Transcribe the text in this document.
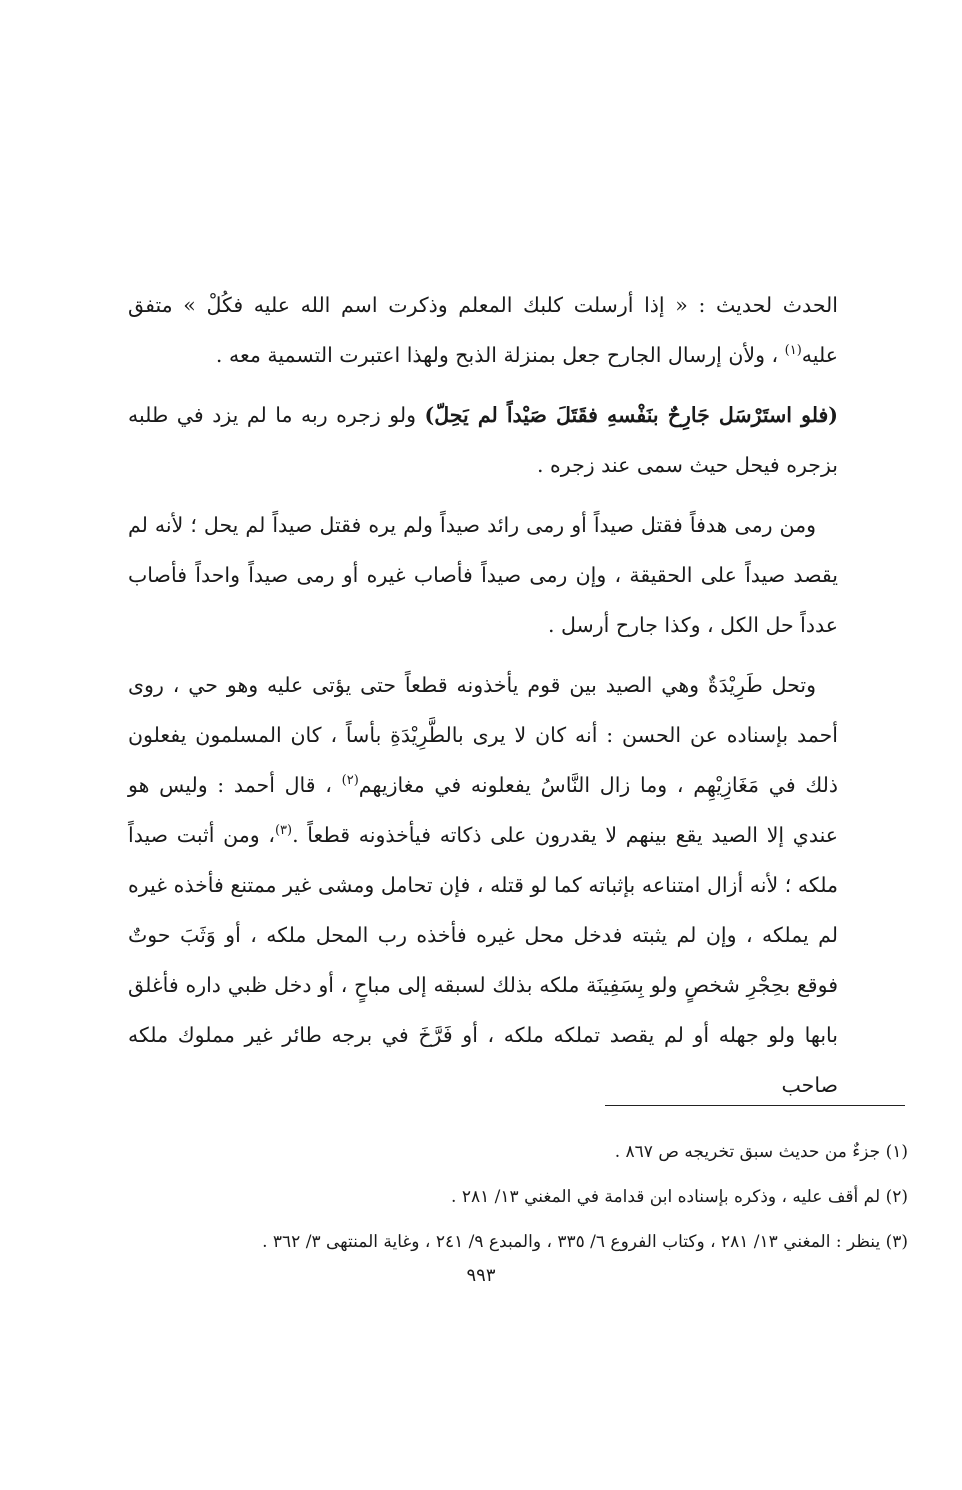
الحدث لحديث : « إذا أرسلت كلبك المعلم وذكرت اسم الله عليه فكُلْ » متفق عليه$^{(١)}$ ، ولأن إرسال الجارح جعل بمنزلة الذبح ولهذا اعتبرت التسمية معه .

(فلو استَرْسَل جَارِحٌ بنَفْسهِ فقَتَلَ صَيْداً لم يَحِلّ) ولو زجره ربه ما لم يزد في طلبه بزجره فيحل حيث سمى عند زجره .

ومن رمى هدفاً فقتل صيداً أو رمى رائد صيداً ولم يره فقتل صيداً لم يحل ؛ لأنه لم يقصد صيداً على الحقيقة ، وإن رمى صيداً فأصاب غيره أو رمى صيداً واحداً فأصاب عدداً حل الكل ، وكذا جارح أرسل .

وتحل طَرِيْدَةٌ وهي الصيد بين قوم يأخذونه قطعاً حتى يؤتى عليه وهو حي ، روى أحمد بإسناده عن الحسن : أنه كان لا يرى بالطَّرِيْدَةِ بأساً ، كان المسلمون يفعلون ذلك في مَغَازِيْهِم ، وما زال النَّاسُ يفعلونه في مغازيهم$^{(٢)}$ ، قال أحمد : وليس هو عندي إلا الصيد يقع بينهم لا يقدرون على ذكاته فيأخذونه قطعاً .$^{(٣)}$، ومن أثبت صيداً ملكه ؛ لأنه أزال امتناعه بإثباته كما لو قتله ، فإن تحامل ومشى غير ممتنع فأخذه غيره لم يملكه ، وإن لم يثبته فدخل محل غيره فأخذه رب المحل ملكه ، أو وَثَبَ حوتٌ فوقع بحِجْرِ شخصٍ ولو بِسَفِينَة ملكه بذلك لسبقه إلى مباحٍ ، أو دخل ظبي داره فأغلق بابها ولو جهله أو لم يقصد تملكه ملكه ، أو فَرَّخَ في برجه طائر غير مملوك ملكه صاحب

(١) جزءٌ من حديث سبق تخريجه ص ٨٦٧ .

(٢) لم أقف عليه ، وذكره بإسناده ابن قدامة في المغني ١٣/ ٢٨١ .

(٣) ينظر : المغني ١٣/ ٢٨١ ، وكتاب الفروع ٦/ ٣٣٥ ، والمبدع ٩/ ٢٤١ ، وغاية المنتهى ٣/ ٣٦٢ .

٩٩٣
